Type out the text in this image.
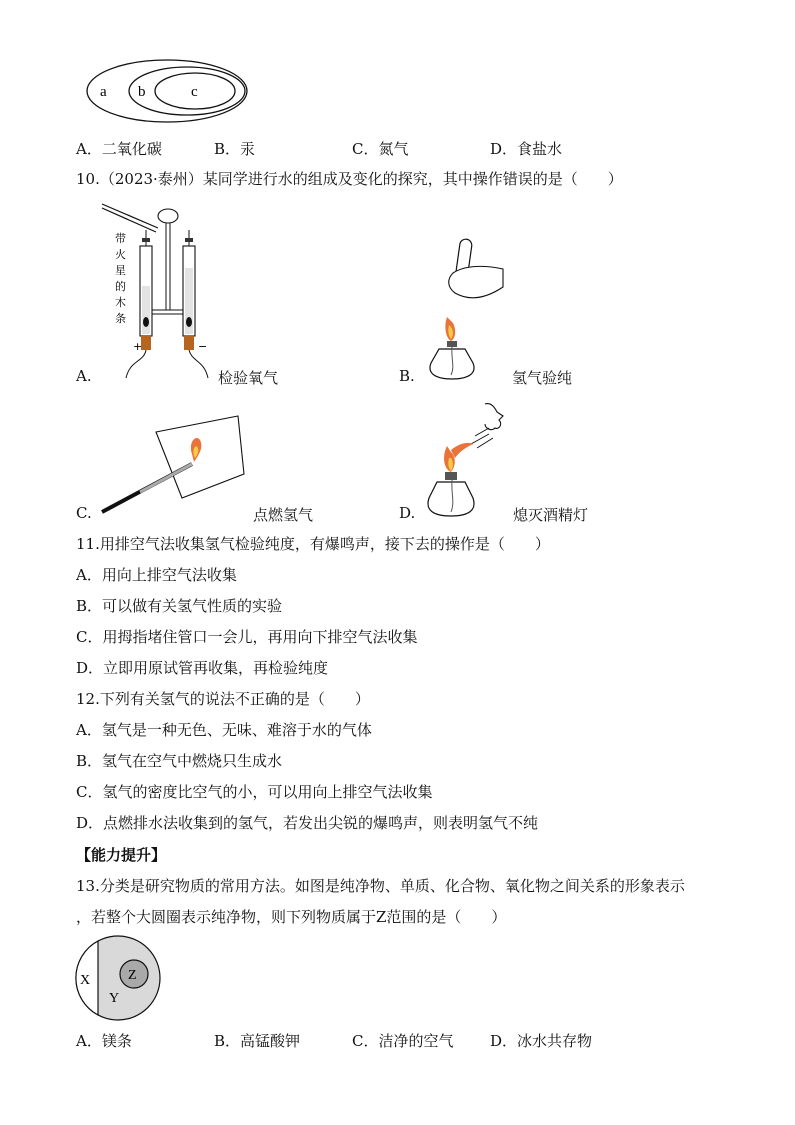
a b	c
A．二氧化碳	B．汞	C．氮气	D．食盐水
10.（2023·泰州）某同学进行水的组成及变化的探究，其中操作错误的是（　　）
带
火
星
的
木
条
+	−
A.	检验氧气	B.	氢气验纯
C.	点燃氢气	D.	熄灭酒精灯
11.用排空气法收集氢气检验纯度，有爆鸣声，接下去的操作是（　　）
A．用向上排空气法收集
B．可以做有关氢气性质的实验
C．用拇指堵住管口一会儿，再用向下排空气法收集
D．立即用原试管再收集，再检验纯度
12.下列有关氢气的说法不正确的是（　　）
A．氢气是一种无色、无味、难溶于水的气体
B．氢气在空气中燃烧只生成水
C．氢气的密度比空气的小，可以用向上排空气法收集
D．点燃排水法收集到的氢气，若发出尖锐的爆鸣声，则表明氢气不纯
【能力提升】
13.分类是研究物质的常用方法。如图是纯净物、单质、化合物、氧化物之间关系的形象表示
，若整个大圆圈表示纯净物，则下列物质属于Z范围的是（　　）
X
Y
Z
A．镁条	B．高锰酸钾	C．洁净的空气 D．冰水共存物
